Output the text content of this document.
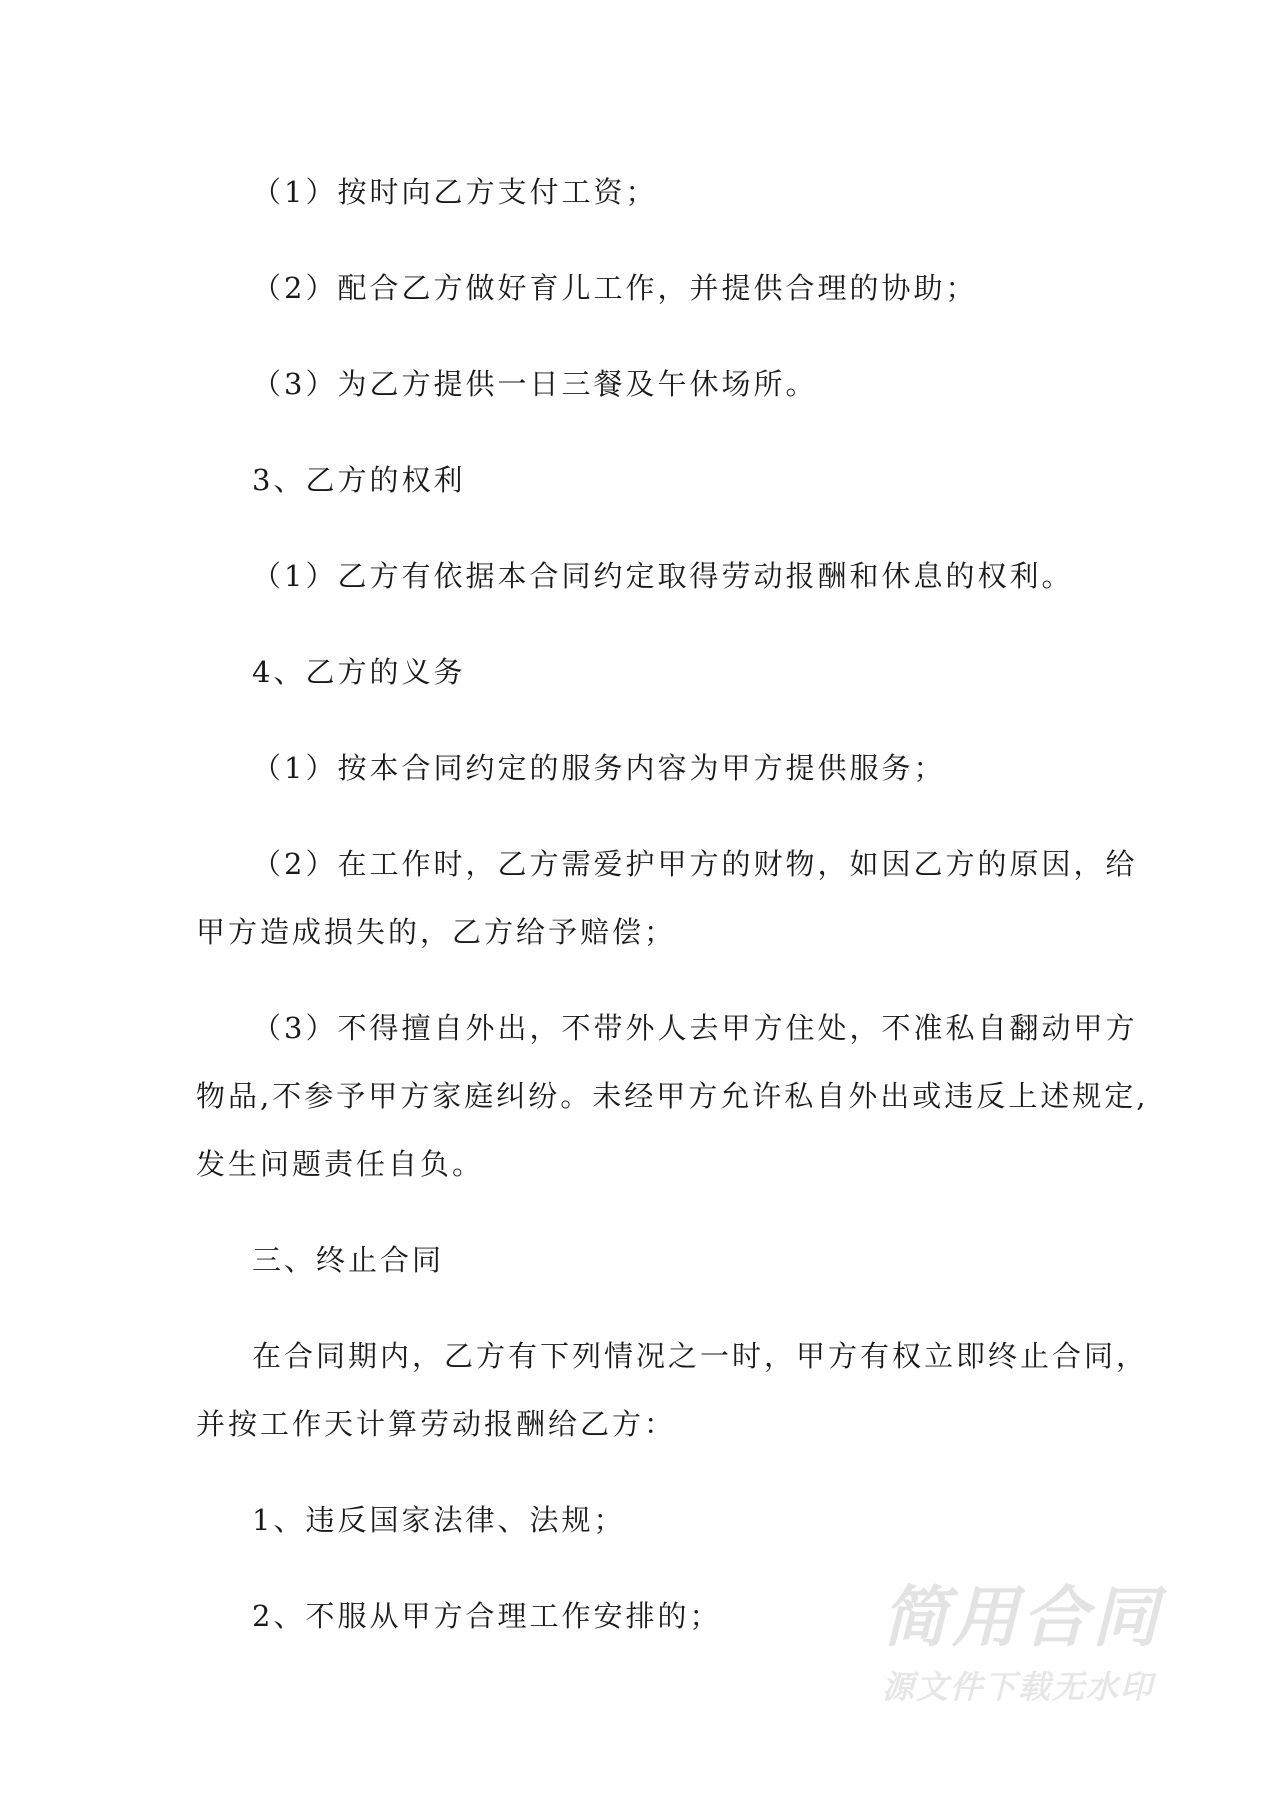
（1）按时向乙方支付工资；
（2）配合乙方做好育儿工作，并提供合理的协助；
（3）为乙方提供一日三餐及午休场所。
3、乙方的权利
（1）乙方有依据本合同约定取得劳动报酬和休息的权利。
4、乙方的义务
（1）按本合同约定的服务内容为甲方提供服务；
（2）在工作时，乙方需爱护甲方的财物，如因乙方的原因，给
甲方造成损失的，乙方给予赔偿；
（3）不得擅自外出，不带外人去甲方住处，不准私自翻动甲方
物品,不参予甲方家庭纠纷。未经甲方允许私自外出或违反上述规定,
发生问题责任自负。
三、终止合同
在合同期内，乙方有下列情况之一时，甲方有权立即终止合同，
并按工作天计算劳动报酬给乙方：
1、违反国家法律、法规；
2、不服从甲方合理工作安排的； 简用合同
源文件下载无水印
